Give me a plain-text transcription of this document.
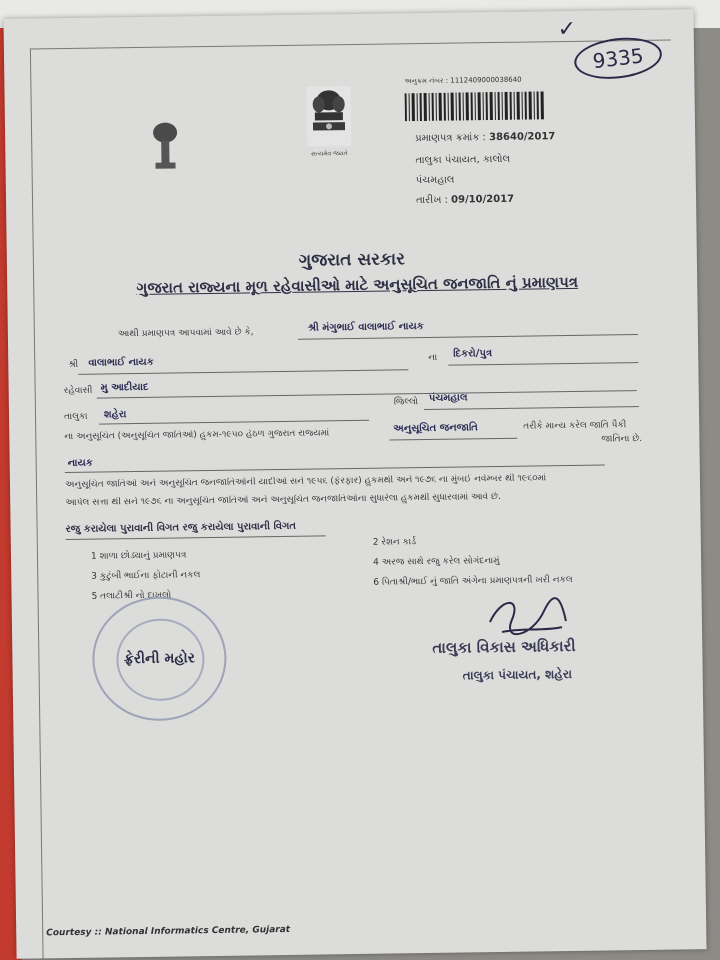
✓
9335
સત્યમેવ જયતે
અનુક્રમ નંબર : 1112409000038640
પ્રમાણપત્ર ક્રમાંક : 38640/2017
તાલુકા પંચાયત, કાલોલ
પંચમહાલ
તારીખ : 09/10/2017
ગુજરાત સરકાર
ગુજરાત રાજ્યના મૂળ રહેવાસીઓ માટે અનુસૂચિત જનજાતિ નું પ્રમાણપત્ર
આથી પ્રમાણપત્ર આપવામાં આવે છે કે,	શ્રી મંગુભાઈ વાલાભાઈ નાયક
શ્રી વાલાભાઈ નાયક	ના દિકરો/પુત્ર
રહેવાસી મુ આદીયાદ
તાલુકા શહેરા
જિલ્લો પંચમહાલ
ના અનુસૂચિત (અનુસૂચિત જાતિઓ) હુકમ-૧૯૫૦ હેઠળ ગુજરાત રાજ્યમાં	અનુસૂચિત જનજાતિ	તરીકે માન્ય કરેલ જાતિ પૈકી
નાયક
જાતિના છે.
અનુસૂચિત જાતિઓ અને અનુસૂચિત જનજાતિઓની યાદીઓ સને ૧૯૫૬ (ફેરફાર) હુકમથી અને ૧૯૭૬ ના મુંબઈ નવેમ્બર થી ૧૯૬૦માં
આપેલ સત્તા થી સને ૧૯૭૬ ના અનુસૂચિત જાતિઓ અને અનુસૂચિત જનજાતિઓના સુધારેલા હુકમથી સુધારવામાં આવે છે.
રજુ કરાયેલા પુરાવાની વિગત રજુ કરાયેલા પુરાવાની વિગત
1 શાળા છોડ્યાનું પ્રમાણપત્ર
2 રેશન કાર્ડ
3 કુટુંબી ભાઈના ફોટાની નકલ
4 અરજ સાથે રજુ કરેલ સોગંદનામું
5 તલાટીશ્રી નો દાખલો
6 પિતાશ્રી/ભાઈ નું જાતિ અંગેના પ્રમાણપત્રની ખરી નકલ
ફ્રેરીની મહોર
તાલુકા વિકાસ અધિકારી
તાલુકા પંચાયત, શહેરા
Courtesy :: National Informatics Centre, Gujarat
